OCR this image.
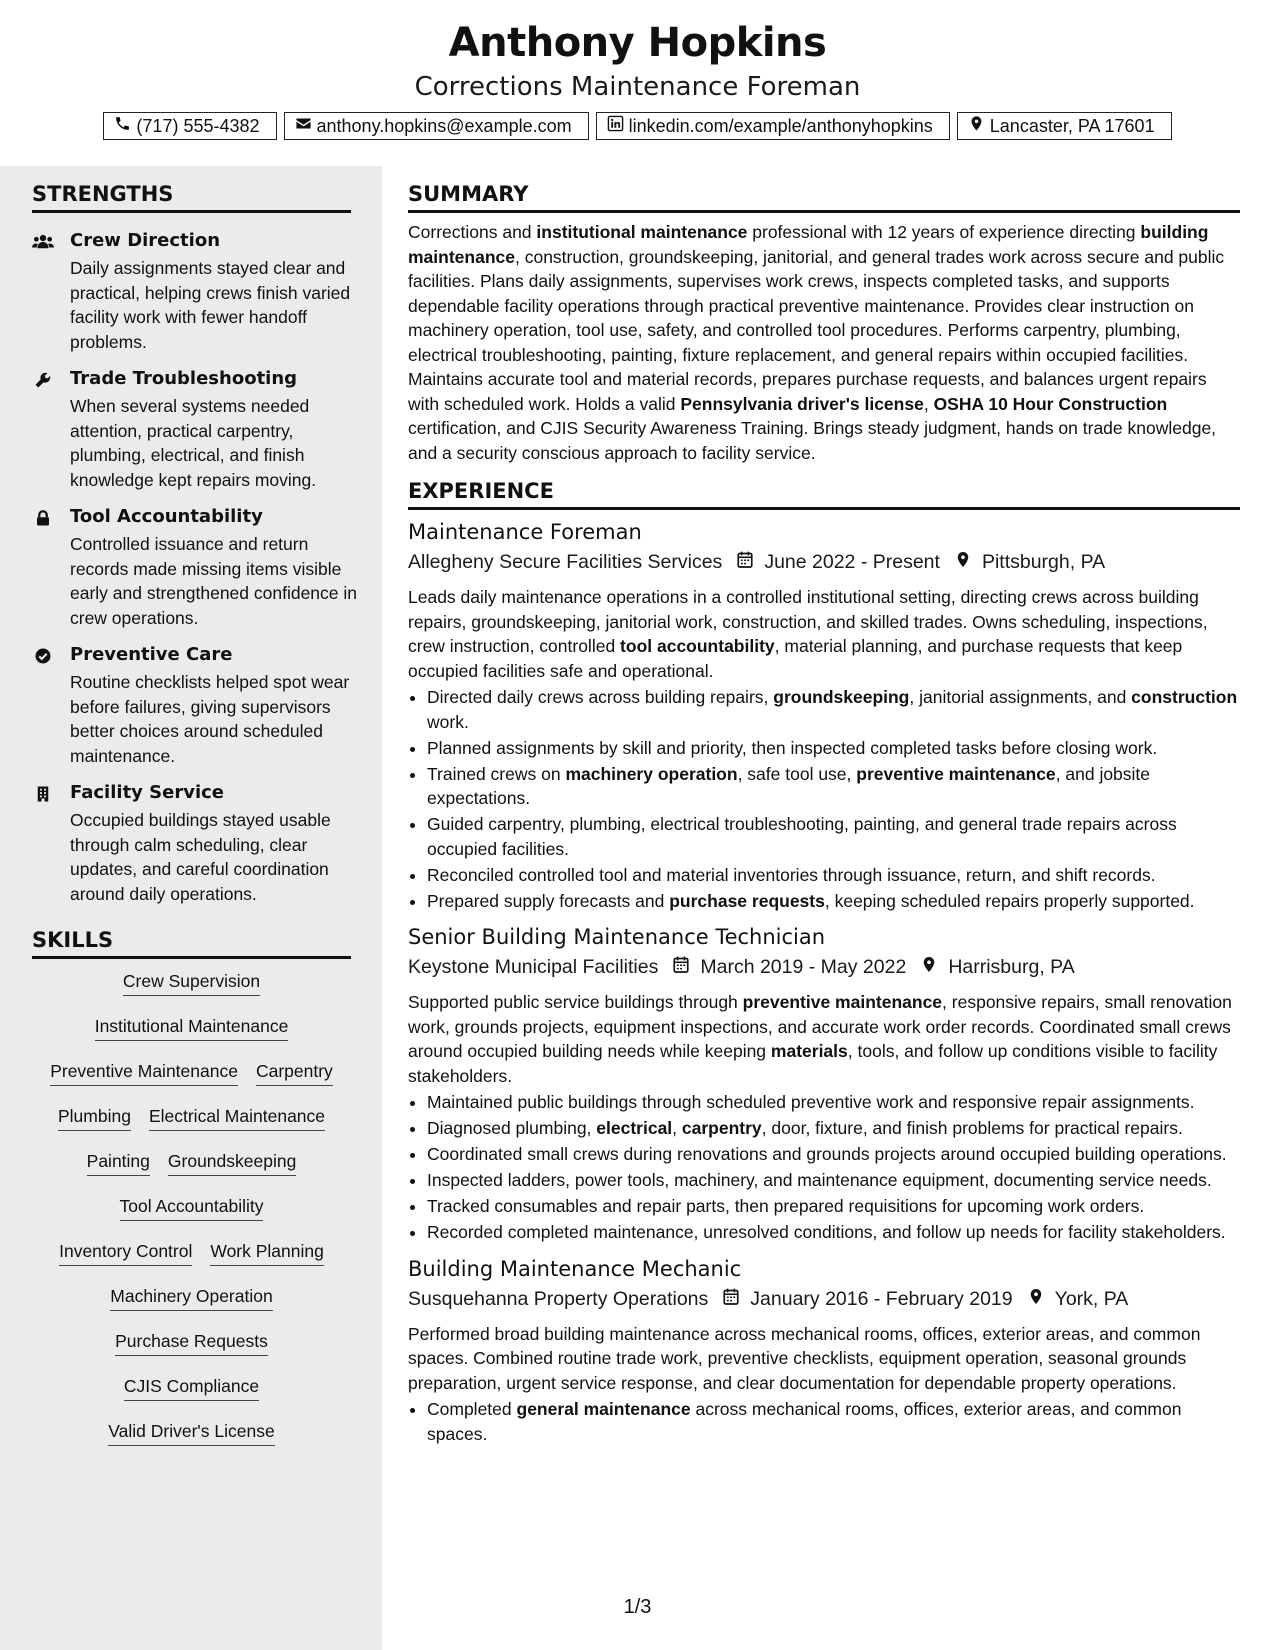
Anthony Hopkins
Corrections Maintenance Foreman
(717) 555-4382	anthony.hopkins@example.com	linkedin.com/example/anthonyhopkins	Lancaster, PA 17601
STRENGTHS
Crew Direction
Daily assignments stayed clear and practical, helping crews finish varied facility work with fewer handoff problems.
Trade Troubleshooting
When several systems needed attention, practical carpentry, plumbing, electrical, and finish knowledge kept repairs moving.
Tool Accountability
Controlled issuance and return records made missing items visible early and strengthened confidence in crew operations.
Preventive Care
Routine checklists helped spot wear before failures, giving supervisors better choices around scheduled maintenance.
Facility Service
Occupied buildings stayed usable through calm scheduling, clear updates, and careful coordination around daily operations.
SKILLS
Crew Supervision
Institutional Maintenance
Preventive Maintenance Carpentry
Plumbing Electrical Maintenance
Painting Groundskeeping
Tool Accountability
Inventory Control Work Planning
Machinery Operation
Purchase Requests
CJIS Compliance
Valid Driver's License
SUMMARY
Corrections and institutional maintenance professional with 12 years of experience directing building maintenance, construction, groundskeeping, janitorial, and general trades work across secure and public facilities. Plans daily assignments, supervises work crews, inspects completed tasks, and supports dependable facility operations through practical preventive maintenance. Provides clear instruction on machinery operation, tool use, safety, and controlled tool procedures. Performs carpentry, plumbing, electrical troubleshooting, painting, fixture replacement, and general repairs within occupied facilities. Maintains accurate tool and material records, prepares purchase requests, and balances urgent repairs with scheduled work. Holds a valid Pennsylvania driver's license, OSHA 10 Hour Construction certification, and CJIS Security Awareness Training. Brings steady judgment, hands on trade knowledge, and a security conscious approach to facility service.
EXPERIENCE
Maintenance Foreman
Allegheny Secure Facilities Services June 2022 - Present Pittsburgh, PA
Leads daily maintenance operations in a controlled institutional setting, directing crews across building repairs, groundskeeping, janitorial work, construction, and skilled trades. Owns scheduling, inspections, crew instruction, controlled tool accountability, material planning, and purchase requests that keep occupied facilities safe and operational.
• Directed daily crews across building repairs, groundskeeping, janitorial assignments, and construction work.
• Planned assignments by skill and priority, then inspected completed tasks before closing work.
• Trained crews on machinery operation, safe tool use, preventive maintenance, and jobsite expectations.
• Guided carpentry, plumbing, electrical troubleshooting, painting, and general trade repairs across occupied facilities.
• Reconciled controlled tool and material inventories through issuance, return, and shift records.
• Prepared supply forecasts and purchase requests, keeping scheduled repairs properly supported.
Senior Building Maintenance Technician
Keystone Municipal Facilities March 2019 - May 2022 Harrisburg, PA
Supported public service buildings through preventive maintenance, responsive repairs, small renovation work, grounds projects, equipment inspections, and accurate work order records. Coordinated small crews around occupied building needs while keeping materials, tools, and follow up conditions visible to facility stakeholders.
• Maintained public buildings through scheduled preventive work and responsive repair assignments.
• Diagnosed plumbing, electrical, carpentry, door, fixture, and finish problems for practical repairs.
• Coordinated small crews during renovations and grounds projects around occupied building operations.
• Inspected ladders, power tools, machinery, and maintenance equipment, documenting service needs.
• Tracked consumables and repair parts, then prepared requisitions for upcoming work orders.
• Recorded completed maintenance, unresolved conditions, and follow up needs for facility stakeholders.
Building Maintenance Mechanic
Susquehanna Property Operations January 2016 - February 2019 York, PA
Performed broad building maintenance across mechanical rooms, offices, exterior areas, and common spaces. Combined routine trade work, preventive checklists, equipment operation, seasonal grounds preparation, urgent service response, and clear documentation for dependable property operations.
• Completed general maintenance across mechanical rooms, offices, exterior areas, and common spaces.
1/3
